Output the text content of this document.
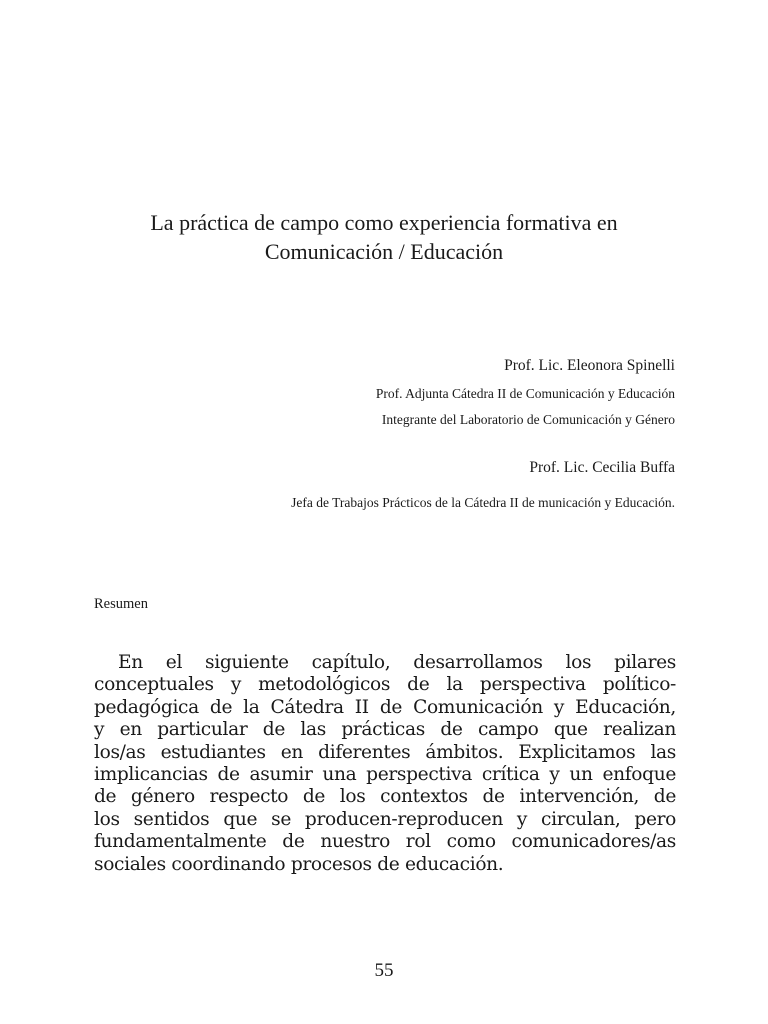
La práctica de campo como experiencia formativa en
Comunicación / Educación

Prof. Lic. Eleonora Spinelli

Prof. Adjunta Cátedra II de Comunicación y Educación

Integrante del Laboratorio de Comunicación y Género

Prof. Lic. Cecilia Buffa

Jefa de Trabajos Prácticos de la Cátedra II de municación y Educación.

Resumen
En el siguiente capítulo, desarrollamos los pilares
conceptuales y metodológicos de la perspectiva político-
pedagógica de la Cátedra II de Comunicación y Educación,
y en particular de las prácticas de campo que realizan
los/as estudiantes en diferentes ámbitos. Explicitamos las
implicancias de asumir una perspectiva crítica y un enfoque
de género respecto de los contextos de intervención, de
los sentidos que se producen-reproducen y circulan, pero
fundamentalmente de nuestro rol como comunicadores/as
sociales coordinando procesos de educación.

55
